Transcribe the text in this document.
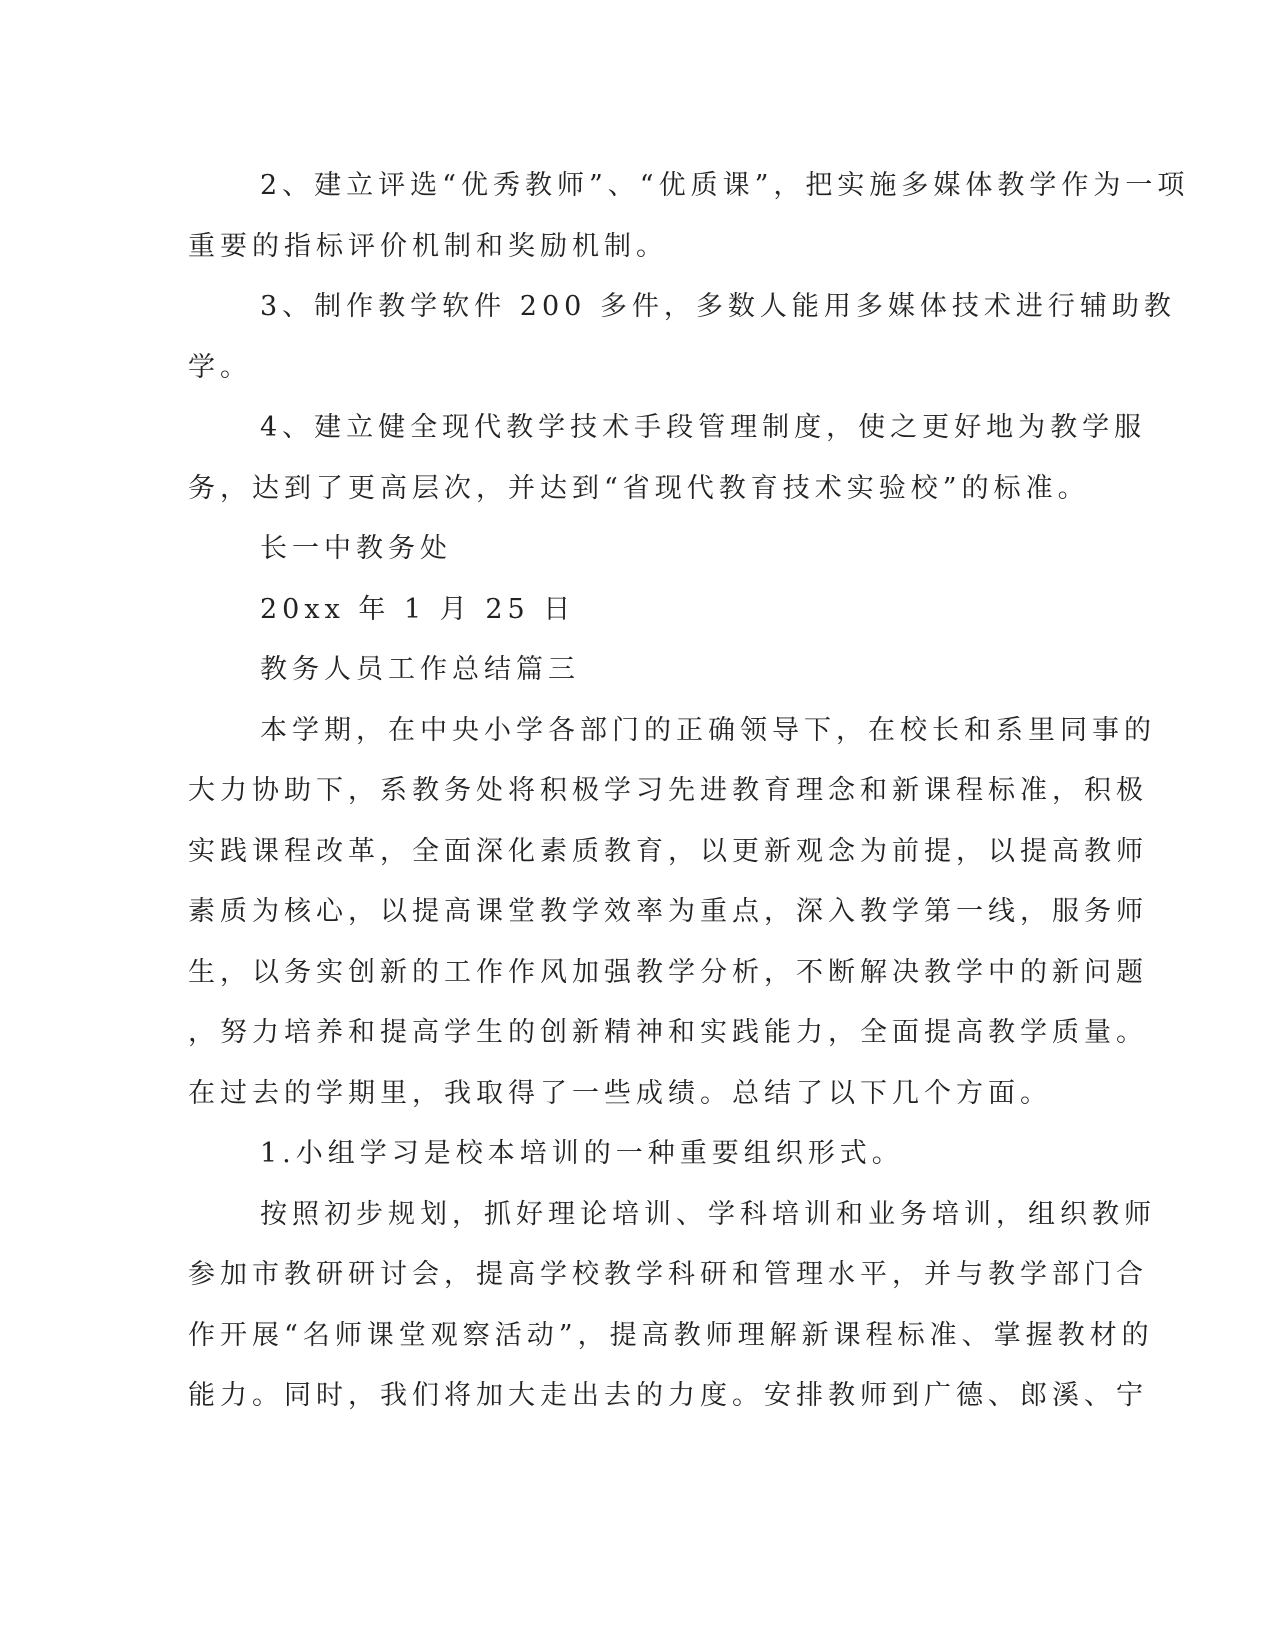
2、建立评选“优秀教师”、“优质课”，把实施多媒体教学作为一项
重要的指标评价机制和奖励机制。
3、制作教学软件 200 多件，多数人能用多媒体技术进行辅助教
学。
4、建立健全现代教学技术手段管理制度，使之更好地为教学服
务，达到了更高层次，并达到“省现代教育技术实验校”的标准。
长一中教务处
20xx 年 1 月 25 日
教务人员工作总结篇三
本学期，在中央小学各部门的正确领导下，在校长和系里同事的
大力协助下，系教务处将积极学习先进教育理念和新课程标准，积极
实践课程改革，全面深化素质教育，以更新观念为前提，以提高教师
素质为核心，以提高课堂教学效率为重点，深入教学第一线，服务师
生，以务实创新的工作作风加强教学分析，不断解决教学中的新问题
，努力培养和提高学生的创新精神和实践能力，全面提高教学质量。
在过去的学期里，我取得了一些成绩。总结了以下几个方面。
1.小组学习是校本培训的一种重要组织形式。
按照初步规划，抓好理论培训、学科培训和业务培训，组织教师
参加市教研研讨会，提高学校教学科研和管理水平，并与教学部门合
作开展“名师课堂观察活动”，提高教师理解新课程标准、掌握教材的
能力。同时，我们将加大走出去的力度。安排教师到广德、郎溪、宁
